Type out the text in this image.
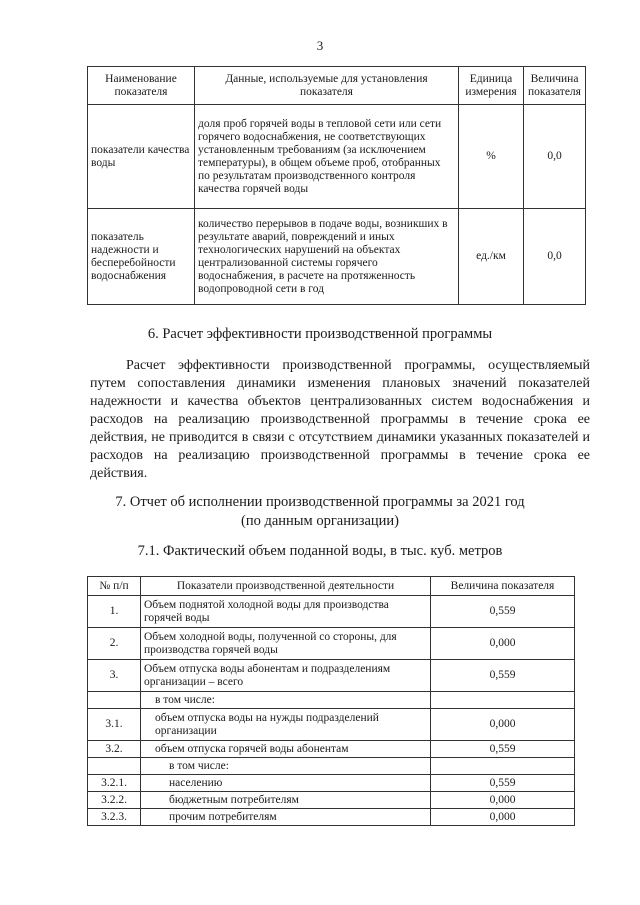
3
Наименование показателя	Данные, используемые для установления показателя	Единица измерения	Величина показателя
показатели качества воды	доля проб горячей воды в тепловой сети или сети горячего водоснабжения, не соответствующих установленным требованиям (за исключением температуры), в общем объеме проб, отобранных по результатам производственного контроля качества горячей воды	%	0,0
показатель надежности и бесперебойности водоснабжения	количество перерывов в подаче воды, возникших в результате аварий, повреждений и иных технологических нарушений на объектах централизованной системы горячего водоснабжения, в расчете на протяженность водопроводной сети в год	ед./км	0,0
6. Расчет эффективности производственной программы
Расчет эффективности производственной программы, осуществляемый путем сопоставления динамики изменения плановых значений показателей надежности и качества объектов централизованных систем водоснабжения и расходов на реализацию производственной программы в течение срока ее действия, не приводится в связи с отсутствием динамики указанных показателей и расходов на реализацию производственной программы в течение срока ее действия.
7. Отчет об исполнении производственной программы за 2021 год
(по данным организации)
7.1. Фактический объем поданной воды, в тыс. куб. метров
№ п/п	Показатели производственной деятельности	Величина показателя
1.	Объем поднятой холодной воды для производства горячей воды	0,559
2.	Объем холодной воды, полученной со стороны, для производства горячей воды	0,000
3.	Объем отпуска воды абонентам и подразделениям организации – всего	0,559
	в том числе:	
3.1.	объем отпуска воды на нужды подразделений организации	0,000
3.2.	объем отпуска горячей воды абонентам	0,559
	в том числе:	
3.2.1.	населению	0,559
3.2.2.	бюджетным потребителям	0,000
3.2.3.	прочим потребителям	0,000
